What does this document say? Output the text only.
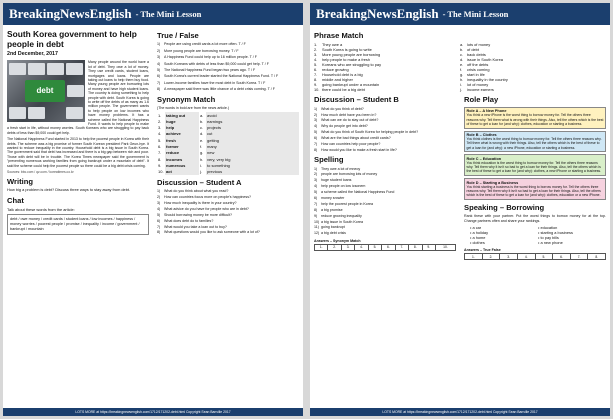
BreakingNewsEnglish - The Mini Lesson
South Korea government to help people in debt
2nd December, 2017
debt
Many people around the world have a lot of debt. They owe a lot of money. They use credit cards, student loans, mortgages and loans. People are taking out loans to help them buy food. Many young people are borrowing lots of money and have high student loans. The country is doing something to help people with debt. South Korea is going to write off the debts of as many as 1.6 million people. The government wants to help people on low incomes who have money problems. It has a scheme called the National Happiness Fund. It wants to help people to make a fresh start in life, without money worries. South Koreans who are struggling to pay back debts of less than $9,000 could get help.
The National Happiness Fund started in 2013 to help the poorest people in Korea with their debts. The scheme was a big promise of former South Korean president Park Geun-hye. It wanted to reduce inequality in the country. Household debt is a big issue in South Korea. The government said that debt has increased and there is a big gap between rich and poor. Those with debt will be in trouble. The Korea Times newspaper said the government is "preventing numerous working families from going bankrupt under a mountain of debt". It said the scheme could help the poorest people so there could be a big debt crisis coming.
Sources: bbc.com / qz.com / koreatimes.co.kr
Writing
How big a problem is debt? Discuss three ways to stay away from debt.
Chat
Talk about these words from the article:
debt / owe money / credit cards / student loans / low incomes / happiness / money worries / poorest people / promise / inequality / income / government / bankrupt / mountain
True / False
1)	People are using credit cards a lot more often. T / F
2)	More young people are borrowing money. T / F
3)	A Happiness Fund could help up to 16 million people. T / F
4)	South Koreans with debts of less than $9,000 could get help. T / F
5)	The National Happiness Fund began two years ago. T / F
6)	South Korea's current leader started the National Happiness Fund. T / F
7)	Lower-income families have the most debt in South Korea. T / F
8)	A newspaper said there was little chance of a debt crisis coming. T / F
Synonym Match
(The words in bold are from the news article.)
1.	taking out	a.	avoid
2.	huge	b.	earnings
3.	help	c.	projects
4.	achieve	d.	cut
5.	fresh	e.	getting
6.	former	f.	many
7.	reduce	g.	new
8.	incomes	h.	very, very big
9.	numerous	i.	to something
10.	act	j.	previous
Discussion – Student A
1)	What do you think about what you read?
2)	How can countries focus more on people's happiness?
3)	How much inequality is there in your country?
4)	What advice do you have for people who are in debt?
5)	Should borrowing money be more difficult?
6)	What does debt do to families?
7)	What would you take a loan out to buy?
8)	What questions would you like to ask someone with a lot of?
LOTS MORE at https://breakingnewsenglish.com/1712/171202-debt.html Copyright Sean Banville 2017
BreakingNewsEnglish - The Mini Lesson
Phrase Match
1.	They owe a
2.	South Korea is going to write
3.	More young people are borrowing
4.	help people to make a fresh
5.	Koreans who are struggling to pay
6.	reduce growing
7.	Household debt is a big
8.	middle and higher
9.	going bankrupt under a mountain
10. there could be a big debt
a. lots of money
b. of debt
c.	back debts
d. issue in South Korea
e. off the debts
f.	crisis coming
g. start in life
h. inequality in the country
i.	lot of money
j.	income earners
Discussion – Student B
1)	What do you think of debt?
2)	How much debt have you been in?
3)	What can we do to stay out of debt?
4)	Why do people get into debt?
5)	What do you think of South Korea for helping people in debt?
6)	What are the bad things about credit cards?
7)	How can countries help poor people?
8)	How would you like to make a fresh start in life?
Spelling
1)	They owe a lot of mneoy
2)	people are borrowing lots of money
3)	huge student loans
4)	help people on low icsonem
5)	a scheme called the National Happiness Fund
6)	money srowier
7)	help the poorest people in Korea
8)	a big promise
9)	reduce growing inequality
10) a big issue in South Korea
11) going bankrupt
12) a big debt crisis
Answers – Synonym Match
1.	2.	3.	4.	5.	6.	7.	8.	9.	10.
Role Play
Role A – A New Phone
You think a new iPhone is the worst thing to borrow money for. Tell the others three reasons why. Tell them what is wrong with their things. Also, tell the others which is the best of these to get a loan for (and why): clothes, education or starting a business.
Role B – Clothes
You think clothes is the worst thing to borrow money for. Tell the others three reasons why. Tell them what is wrong with their things. Also, tell the others which is the best of these to get a loan for (and why): a new iPhone, education or starting a business.
Role C – Education
You think education is the worst thing to borrow money for. Tell the others three reasons why. Tell them why it isn't so bad to get a loan for their things. Also, tell the others which is the best of these to get a loan for (and why): clothes, a new iPhone or starting a business.
Role D – Starting a Business
You think starting a business is the worst thing to borrow money for. Tell the others three reasons why. Tell them why it isn't so bad to get a loan for their things. Also, tell the others which is the best of these to get a loan for (and why): clothes, education or a new iPhone.
Speaking – Borrowing
Rank these with your partner. Put the worst things to borrow money for at the top. Change partners often and share your rankings.
• a car	• education
• a holiday	• starting a business
• a home	• to pay bills
• clothes	• a new phone
Answers – True False
1.	2.	3.	4.	5.	6.	7.	8.
LOTS MORE at https://breakingnewsenglish.com/1712/171202-debt.html Copyright Sean Banville 2017
